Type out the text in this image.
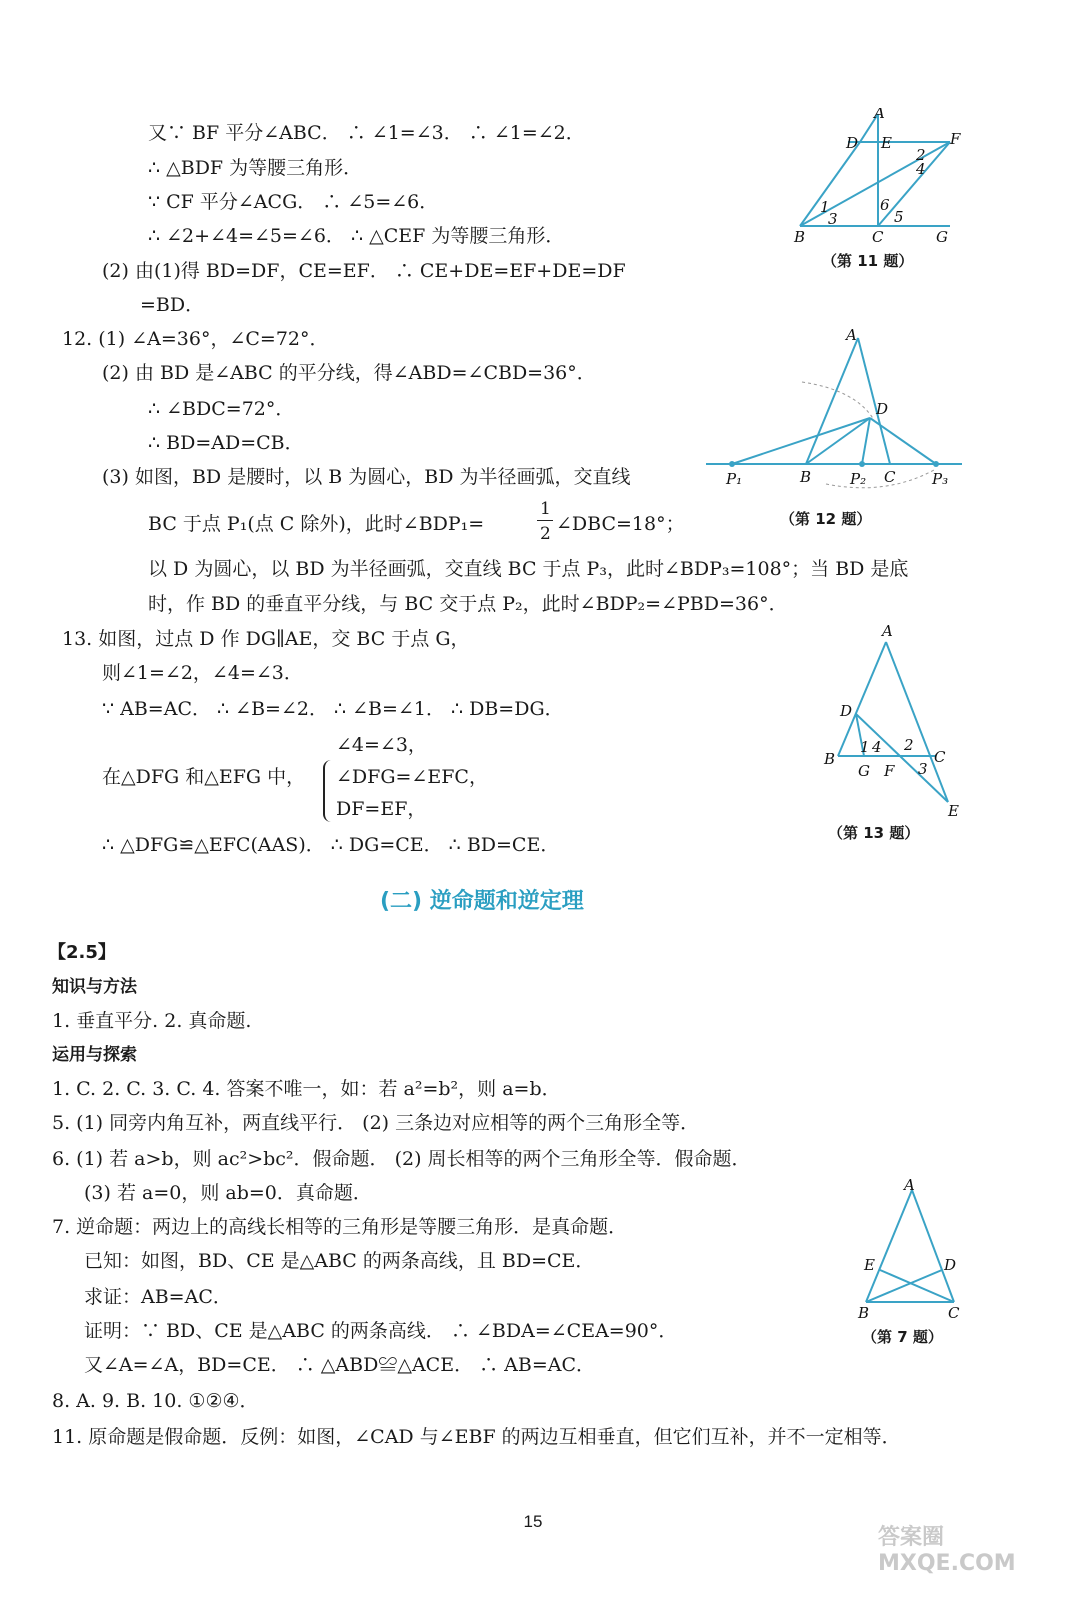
又∵ BF 平分∠ABC． ∴ ∠1=∠3． ∴ ∠1=∠2．
∴ △BDF 为等腰三角形．
∵ CF 平分∠ACG． ∴ ∠5=∠6．
∴ ∠2+∠4=∠5=∠6． ∴ △CEF 为等腰三角形．
(2) 由(1)得 BD=DF，CE=EF． ∴ CE+DE=EF+DE=DF
=BD．
A
D E	F
2
4
1
3
6
5
B	C	G
（第 11 题）
12. (1) ∠A=36°，∠C=72°．
(2) 由 BD 是∠ABC 的平分线，得∠ABD=∠CBD=36°．
∴ ∠BDC=72°．
∴ BD=AD=CB．
(3) 如图，BD 是腰时，以 B 为圆心，BD 为半径画弧，交直线
BC 于点 P₁(点 C 除外)，此时∠BDP₁=
1
2 ∠DBC=18°；
以 D 为圆心，以 BD 为半径画弧，交直线 BC 于点 P₃，此时∠BDP₃=108°；当 BD 是底
时，作 BD 的垂直平分线，与 BC 交于点 P₂，此时∠BDP₂=∠PBD=36°．
A
D
P₁	B	P₂ C P₃
（第 12 题）
13. 如图，过点 D 作 DG∥AE，交 BC 于点 G，
则∠1=∠2，∠4=∠3．
∵ AB=AC． ∴ ∠B=∠2． ∴ ∠B=∠1． ∴ DB=DG．
在△DFG 和△EFG 中，
∠4=∠3，
∠DFG=∠EFC，
DF=EF，
∴ △DFG≌△EFC(AAS)． ∴ DG=CE． ∴ BD=CE．
A
D
1 4 2
B
G F
C
3
E
（第 13 题）
(二) 逆命题和逆定理
【2.5】
知识与方法
1. 垂直平分. 2. 真命题.
运用与探索
1. C. 2. C. 3. C. 4. 答案不唯一，如：若 a²=b²，则 a=b．
5. (1) 同旁内角互补，两直线平行． (2) 三条边对应相等的两个三角形全等．
6. (1) 若 a>b，则 ac²>bc²．假命题． (2) 周长相等的两个三角形全等．假命题．
(3) 若 a=0，则 ab=0．真命题．
7. 逆命题：两边上的高线长相等的三角形是等腰三角形．是真命题．
已知：如图，BD、CE 是△ABC 的两条高线，且 BD=CE．
求证：AB=AC．
证明：∵ BD、CE 是△ABC 的两条高线． ∴ ∠BDA=∠CEA=90°．
又∠A=∠A，BD=CE． ∴ △ABD≌△ACE． ∴ AB=AC．
8. A. 9. B. 10. ①②④．
11. 原命题是假命题．反例：如图，∠CAD 与∠EBF 的两边互相垂直，但它们互补，并不一定相等．
A
E	D
B	C
（第 7 题）
15
答案圈 MXQE.COM
